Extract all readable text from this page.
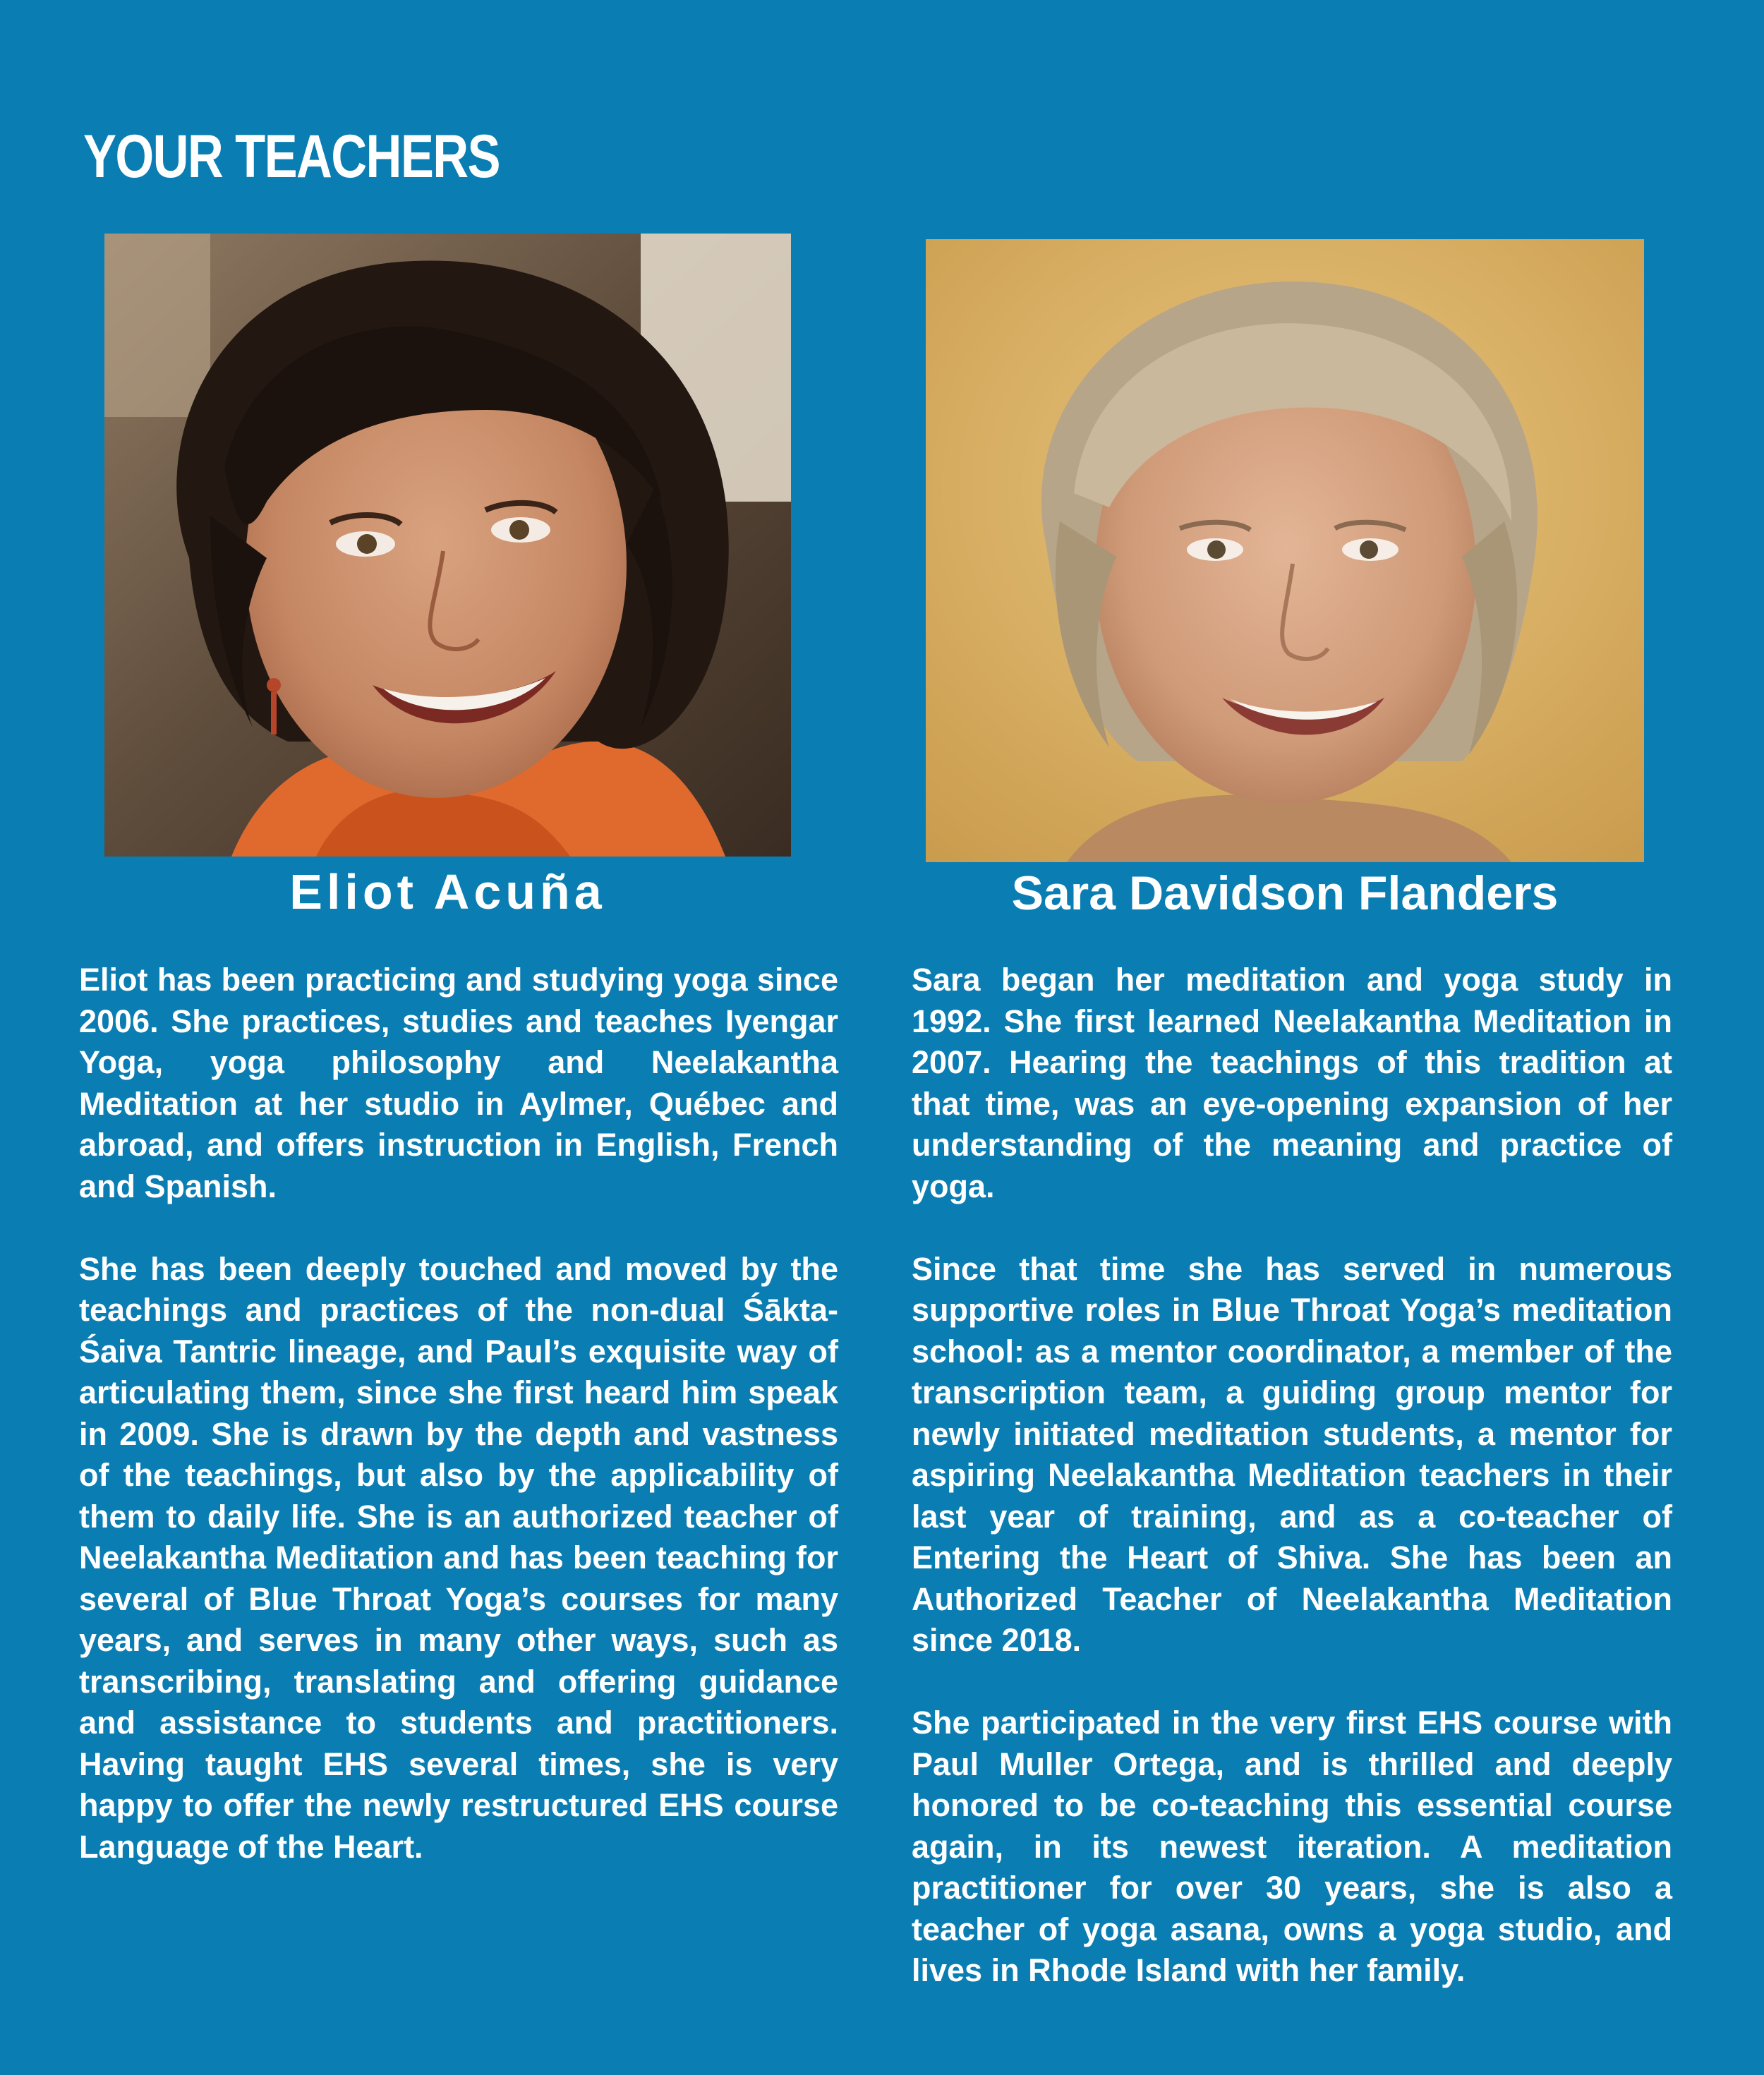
YOUR TEACHERS
Eliot Acuña	Sara Davidson Flanders

Eliot has been practicing and studying yoga since 2006. She practices, studies and teaches Iyengar Yoga, yoga philosophy and Neelakantha Meditation at her studio in Aylmer, Québec and abroad, and offers instruction in English, French and Spanish.

She has been deeply touched and moved by the teachings and practices of the non-dual Śākta-Śaiva Tantric lineage, and Paul’s exquisite way of articulating them, since she first heard him speak in 2009. She is drawn by the depth and vastness of the teachings, but also by the applicability of them to daily life. She is an authorized teacher of Neelakantha Meditation and has been teaching for several of Blue Throat Yoga’s courses for many years, and serves in many other ways, such as transcribing, translating and offering guidance and assistance to students and practitioners. Having taught EHS several times, she is very happy to offer the newly restructured EHS course Language of the Heart.

Sara began her meditation and yoga study in 1992. She first learned Neelakantha Meditation in 2007. Hearing the teachings of this tradition at that time, was an eye-opening expansion of her understanding of the meaning and practice of yoga.

Since that time she has served in numerous supportive roles in Blue Throat Yoga’s meditation school: as a mentor coordinator, a member of the transcription team, a guiding group mentor for newly initiated meditation students, a mentor for aspiring Neelakantha Meditation teachers in their last year of training, and as a co-teacher of Entering the Heart of Shiva. She has been an Authorized Teacher of Neelakantha Meditation since 2018.

She participated in the very first EHS course with Paul Muller Ortega, and is thrilled and deeply honored to be co-teaching this essential course again, in its newest iteration. A meditation practitioner for over 30 years, she is also a teacher of yoga asana, owns a yoga studio, and lives in Rhode Island with her family.
